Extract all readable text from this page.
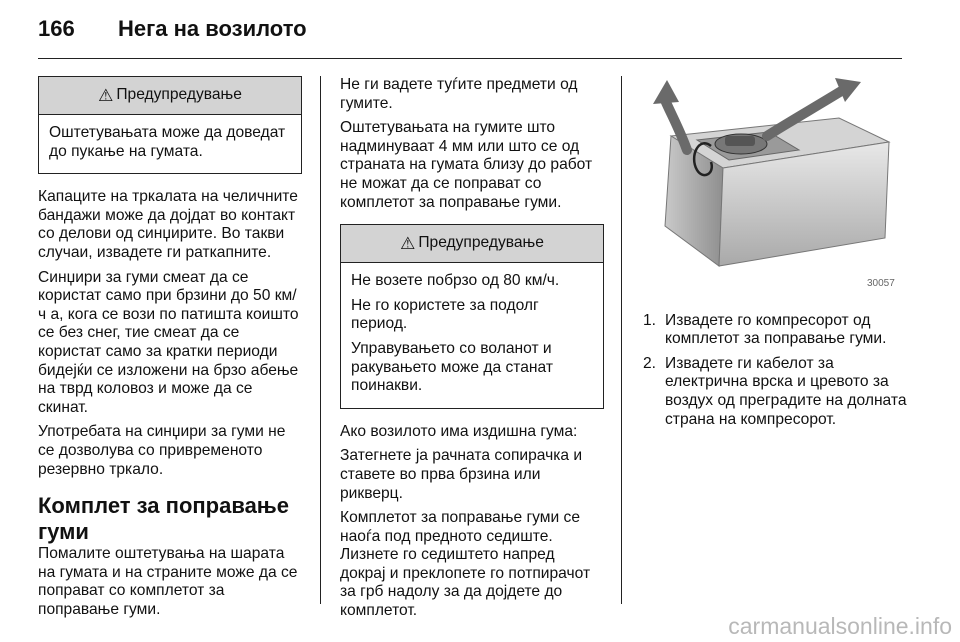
166 Нега на возилото
⚠ Предупредување

Оштетувањата може да доведат до пукање на гумата.

Капаците на тркалата на челичните бандажи може да дојдат во контакт со делови од синџирите. Во такви случаи, извадете ги раткапните.

Синџири за гуми смеат да се користат само при брзини до 50 км/ч а, кога се вози по патишта коишто се без снег, тие смеат да се користат само за кратки периоди бидејќи се изложени на брзо абење на тврд коловоз и може да се скинат.

Употребата на синџири за гуми не се дозволува со привременото резервно тркало.

Комплет за поправање гуми

Помалите оштетувања на шарата на гумата и на страните може да се поправат со комплетот за поправање гуми.

Не ги вадете туѓите предмети од гумите.

Оштетувањата на гумите што надминуваат 4 мм или што се од страната на гумата близу до работ не можат да се поправат со комплетот за поправање гуми.

⚠ Предупредување

Не возете побрзо од 80 км/ч.

Не го користете за подолг период.

Управувањето со воланот и ракувањето може да станат поинакви.

Ако возилото има издишна гума:

Затегнете ја рачната сопирачка и ставете во прва брзина или рикверц.

Комплетот за поправање гуми се наоѓа под предното седиште. Лизнете го седиштето напред докрај и преклопете го потпирачот за грб надолу за да дојдете до комплетот.

30057
1. Извадете го компресорот од комплетот за поправање гуми.
2. Извадете ги кабелот за електрична врска и цревото за воздух од преградите на долната страна на компресорот.
carmanualsonline.info
